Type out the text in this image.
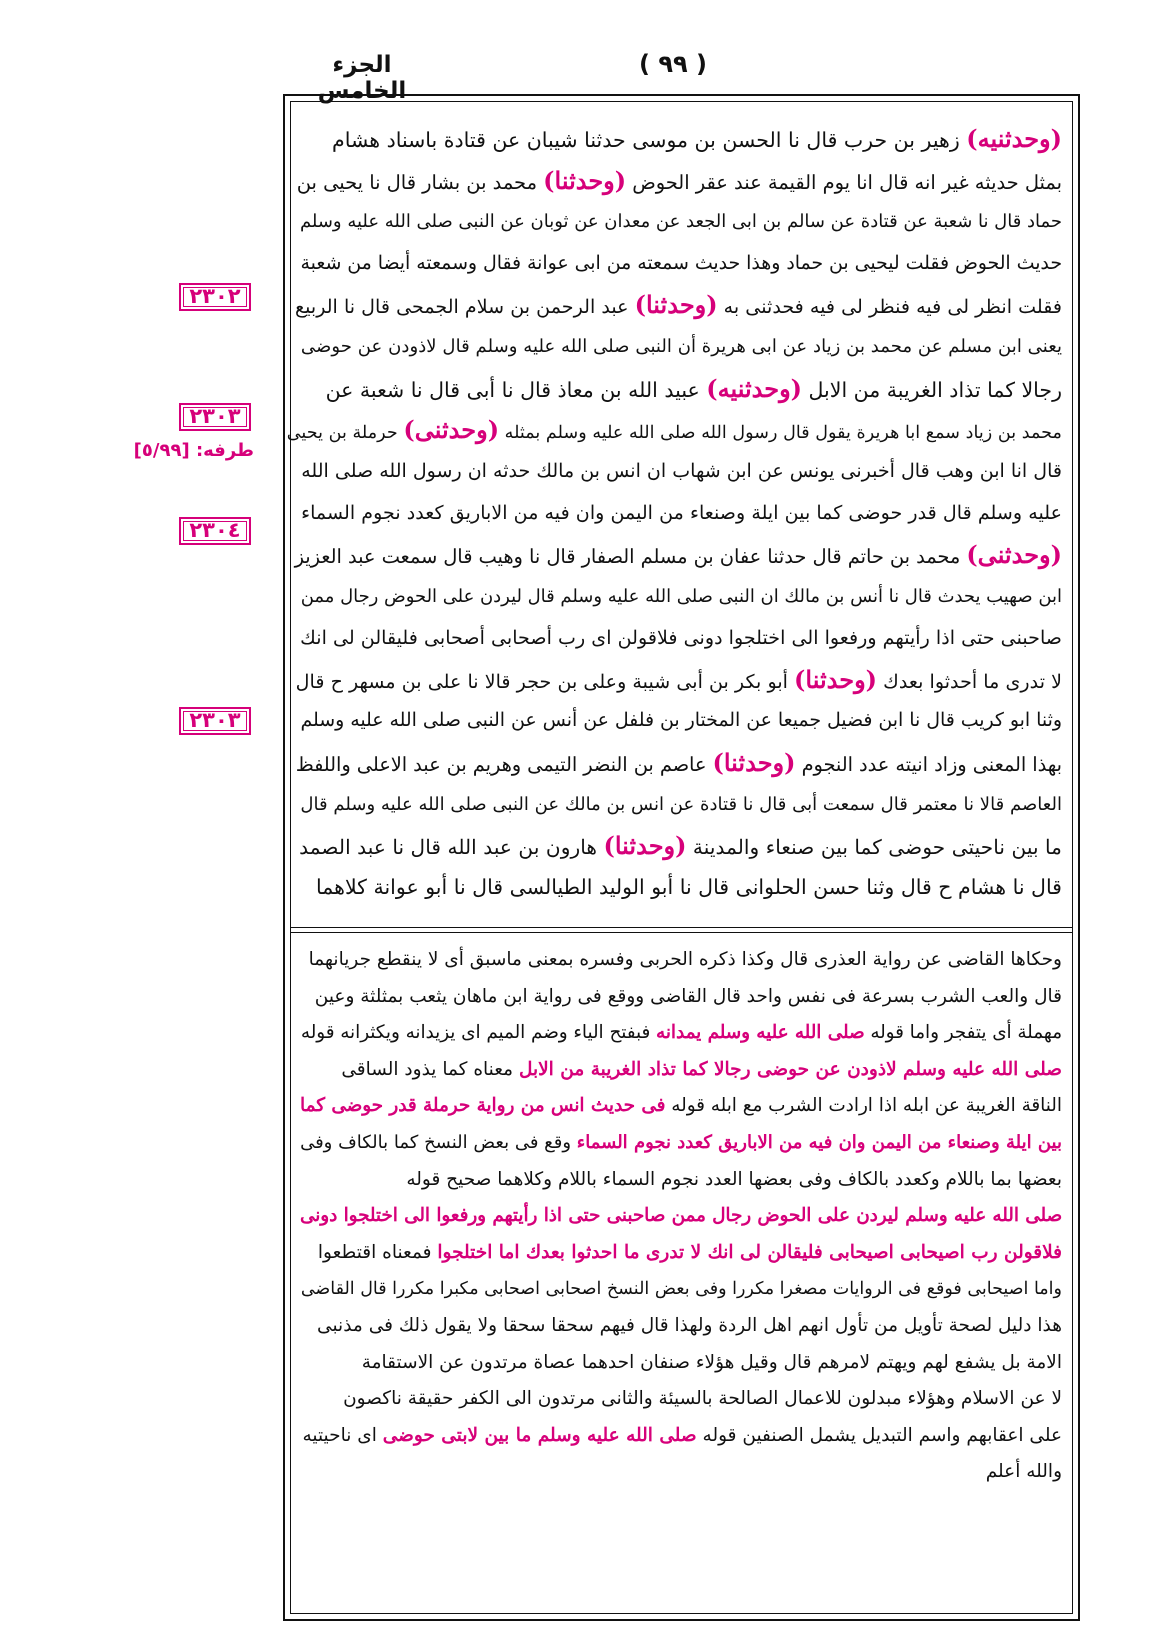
الجزء الخامس
( ٩٩ )
(وحدثنيه) زهير بن حرب قال نا الحسن بن موسى حدثنا شيبان عن قتادة باسناد هشام
بمثل حديثه غير انه قال انا يوم القيمة عند عقر الحوض (وحدثنا) محمد بن بشار قال نا يحيى بن
حماد قال نا شعبة عن قتادة عن سالم بن ابى الجعد عن معدان عن ثوبان عن النبى صلى الله عليه وسلم
حديث الحوض فقلت ليحيى بن حماد وهذا حديث سمعته من ابى عوانة فقال وسمعته أيضا من شعبة
فقلت انظر لى فيه فنظر لى فيه فحدثنى به (وحدثنا) عبد الرحمن بن سلام الجمحى قال نا الربيع
يعنى ابن مسلم عن محمد بن زياد عن ابى هريرة أن النبى صلى الله عليه وسلم قال لاذودن عن حوضى
رجالا كما تذاد الغريبة من الابل (وحدثنيه) عبيد الله بن معاذ قال نا أبى قال نا شعبة عن
محمد بن زياد سمع ابا هريرة يقول قال رسول الله صلى الله عليه وسلم بمثله (وحدثنى) حرملة بن يحيى
قال انا ابن وهب قال أخبرنى يونس عن ابن شهاب ان انس بن مالك حدثه ان رسول الله صلى الله
عليه وسلم قال قدر حوضى كما بين ايلة وصنعاء من اليمن وان فيه من الاباريق كعدد نجوم السماء
(وحدثنى) محمد بن حاتم قال حدثنا عفان بن مسلم الصفار قال نا وهيب قال سمعت عبد العزيز
ابن صهيب يحدث قال نا أنس بن مالك ان النبى صلى الله عليه وسلم قال ليردن على الحوض رجال ممن
صاحبنى حتى اذا رأيتهم ورفعوا الى اختلجوا دونى فلاقولن اى رب أصحابى أصحابى فليقالن لى انك
لا تدرى ما أحدثوا بعدك (وحدثنا) أبو بكر بن أبى شيبة وعلى بن حجر قالا نا على بن مسهر ح قال
وثنا ابو كريب قال نا ابن فضيل جميعا عن المختار بن فلفل عن أنس عن النبى صلى الله عليه وسلم
بهذا المعنى وزاد انيته عدد النجوم (وحدثنا) عاصم بن النضر التيمى وهريم بن عبد الاعلى واللفظ
العاصم قالا نا معتمر قال سمعت أبى قال نا قتادة عن انس بن مالك عن النبى صلى الله عليه وسلم قال
ما بين ناحيتى حوضى كما بين صنعاء والمدينة (وحدثنا) هارون بن عبد الله قال نا عبد الصمد
قال نا هشام ح قال وثنا حسن الحلوانى قال نا أبو الوليد الطيالسى قال نا أبو عوانة كلاهما
وحكاها القاضى عن رواية العذرى قال وكذا ذكره الحربى وفسره بمعنى ماسبق أى لا ينقطع جريانهما
قال والعب الشرب بسرعة فى نفس واحد قال القاضى ووقع فى رواية ابن ماهان يثعب بمثلثة وعين
مهملة أى يتفجر واما قوله صلى الله عليه وسلم يمدانه فبفتح الياء وضم الميم اى يزيدانه ويكثرانه قوله
صلى الله عليه وسلم لاذودن عن حوضى رجالا كما تذاد الغريبة من الابل معناه كما يذود الساقى
الناقة الغريبة عن ابله اذا ارادت الشرب مع ابله قوله فى حديث انس من رواية حرملة قدر حوضى كما
بين ايلة وصنعاء من اليمن وان فيه من الاباريق كعدد نجوم السماء وقع فى بعض النسخ كما بالكاف وفى
بعضها بما باللام وكعدد بالكاف وفى بعضها العدد نجوم السماء باللام وكلاهما صحيح قوله
صلى الله عليه وسلم ليردن على الحوض رجال ممن صاحبنى حتى اذا رأيتهم ورفعوا الى اختلجوا دونى
فلاقولن رب اصيحابى اصيحابى فليقالن لى انك لا تدرى ما احدثوا بعدك اما اختلجوا فمعناه اقتطعوا
واما اصيحابى فوقع فى الروايات مصغرا مكررا وفى بعض النسخ اصحابى اصحابى مكبرا مكررا قال القاضى
هذا دليل لصحة تأويل من تأول انهم اهل الردة ولهذا قال فيهم سحقا سحقا ولا يقول ذلك فى مذنبى
الامة بل يشفع لهم ويهتم لامرهم قال وقيل هؤلاء صنفان احدهما عصاة مرتدون عن الاستقامة
لا عن الاسلام وهؤلاء مبدلون للاعمال الصالحة بالسيئة والثانى مرتدون الى الكفر حقيقة ناكصون
على اعقابهم واسم التبديل يشمل الصنفين قوله صلى الله عليه وسلم ما بين لابتى حوضى اى ناحيتيه
والله أعلم
٢٣٠٢
٢٣٠٣
طرفه: [٥/٩٩]
٢٣٠٤
٢٣٠٣
